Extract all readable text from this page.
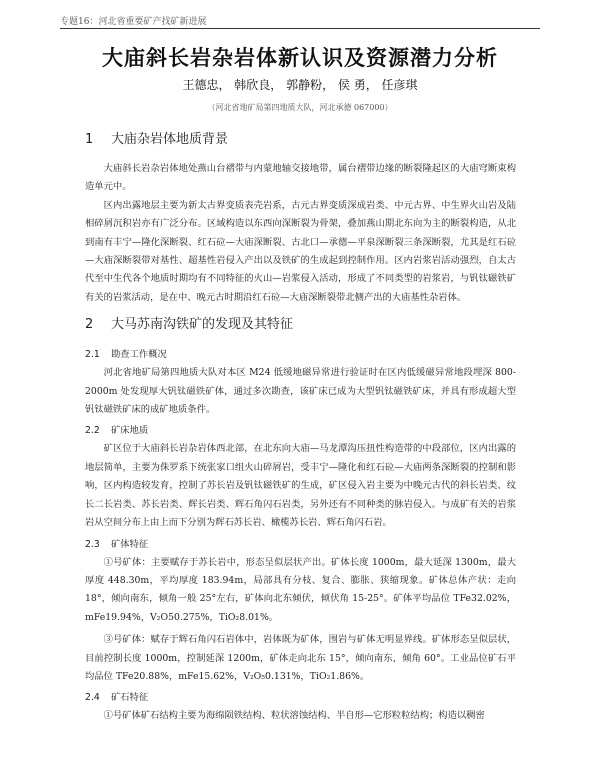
专题16：河北省重要矿产找矿新进展
大庙斜长岩杂岩体新认识及资源潜力分析
王德忠， 韩欣良， 郭静粉， 侯 勇， 任彦琪
（河北省地矿局第四地质大队，河北承德 067000）
1 大庙杂岩体地质背景

大庙斜长岩杂岩体地处燕山台褶带与内蒙地轴交接地带，属台褶带边缘的断裂隆起区的大庙穹断束构造单元中。

区内出露地层主要为新太古界变质表壳岩系，古元古界变质深成岩类、中元古界、中生界火山岩及陆相碎屑沉积岩亦有广泛分布。区域构造以东西向深断裂为骨架，叠加燕山期北东向为主的断裂构造，从北到南有丰宁—隆化深断裂、红石砬—大庙深断裂、古北口—承德—平泉深断裂三条深断裂，尤其是红石砬—大庙深断裂带对基性、超基性岩侵入产出以及铁矿的生成起到控制作用。区内岩浆岩活动强烈，自太古代至中生代各个地质时期均有不同特征的火山—岩浆侵入活动，形成了不同类型的岩浆岩，与钒钛磁铁矿有关的岩浆活动，是在中、晚元古时期沿红石砬—大庙深断裂带北侧产出的大庙基性杂岩体。

2 大马苏南沟铁矿的发现及其特征
2.1 勘查工作概况

河北省地矿局第四地质大队对本区 M24 低缓地磁异常进行验证时在区内低缓磁异常地段埋深 800-2000m 处发现厚大钒钛磁铁矿体，通过多次勘查，该矿床已成为大型钒钛磁铁矿床，并具有形成超大型钒钛磁铁矿床的成矿地质条件。

2.2 矿床地质

矿区位于大庙斜长岩杂岩体西北部，在北东向大庙—马龙潭沟压扭性构造带的中段部位，区内出露的地层简单，主要为侏罗系下统张家口组火山碎屑岩，受丰宁—隆化和红石砬—大庙两条深断裂的控制和影响，区内构造较发育，控制了苏长岩及钒钛磁铁矿的生成，矿区侵入岩主要为中晚元古代的斜长岩类、纹长二长岩类、苏长岩类、辉长岩类、辉石角闪石岩类，另外还有不同种类的脉岩侵入。与成矿有关的岩浆岩从空间分布上由上而下分别为辉石苏长岩、橄榄苏长岩、辉石角闪石岩。

2.3 矿体特征

①号矿体：主要赋存于苏长岩中，形态呈似层状产出。矿体长度 1000m，最大延深 1300m，最大厚度 448.30m，平均厚度 183.94m，局部具有分枝、复合、膨胀、狭缩现象。矿体总体产状：走向 18°，倾向南东，倾角一般 25°左右，矿体向北东倾伏，倾伏角 15-25°。矿体平均品位 TFe32.02%，mFe19.94%，V₂O50.275%，TiO₂8.01%。

③号矿体：赋存于辉石角闪石岩体中，岩体既为矿体，围岩与矿体无明显界线。矿体形态呈似层状，目前控制长度 1000m，控制延深 1200m，矿体走向北东 15°，倾向南东，倾角 60°。工业品位矿石平均品位 TFe20.88%，mFe15.62%，V₂O₅0.131%，TiO₂1.86%。

2.4 矿石特征

①号矿体矿石结构主要为海绵陨铁结构、粒状溶蚀结构、半自形—它形粒粒结构；构造以稠密
